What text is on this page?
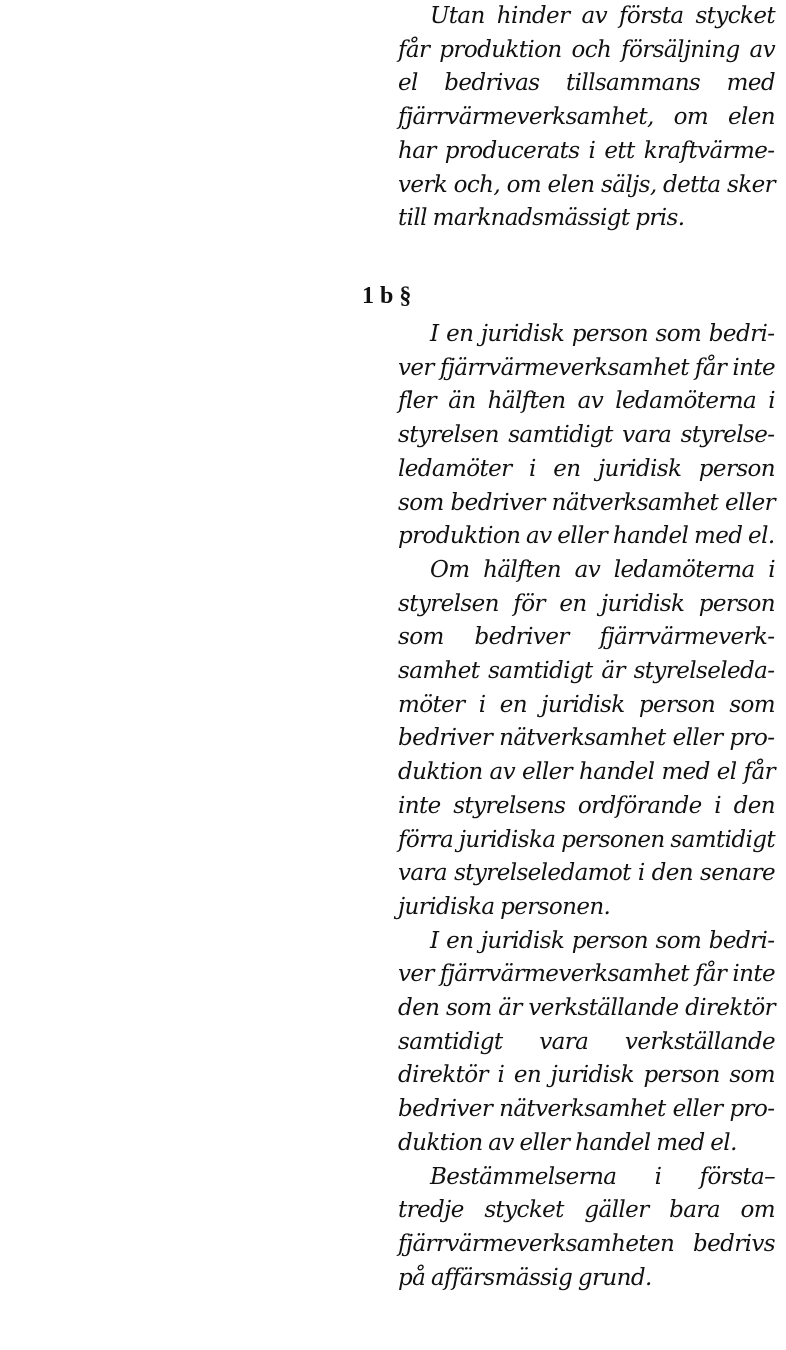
Utan hinder av första stycket får produktion och försäljning av el bedrivas tillsammans med fjärrvärmeverksamhet, om elen har producerats i ett kraftvärmeverk och, om elen säljs, detta sker till marknadsmässigt pris.

1 b §

I en juridisk person som bedriver fjärrvärmeverksamhet får inte fler än hälften av ledamöterna i styrelsen samtidigt vara styrelseledamöter i en juridisk person som bedriver nätverksamhet eller produktion av eller handel med el.

Om hälften av ledamöterna i styrelsen för en juridisk person som bedriver fjärrvärmeverksamhet samtidigt är styrelseledamöter i en juridisk person som bedriver nätverksamhet eller produktion av eller handel med el får inte styrelsens ordförande i den förra juridiska personen samtidigt vara styrelseledamot i den senare juridiska personen.

I en juridisk person som bedriver fjärrvärmeverksamhet får inte den som är verkställande direktör samtidigt vara verkställande direktör i en juridisk person som bedriver nätverksamhet eller produktion av eller handel med el.

Bestämmelserna i första–tredje stycket gäller bara om fjärrvärmeverksamheten bedrivs på affärsmässig grund.
